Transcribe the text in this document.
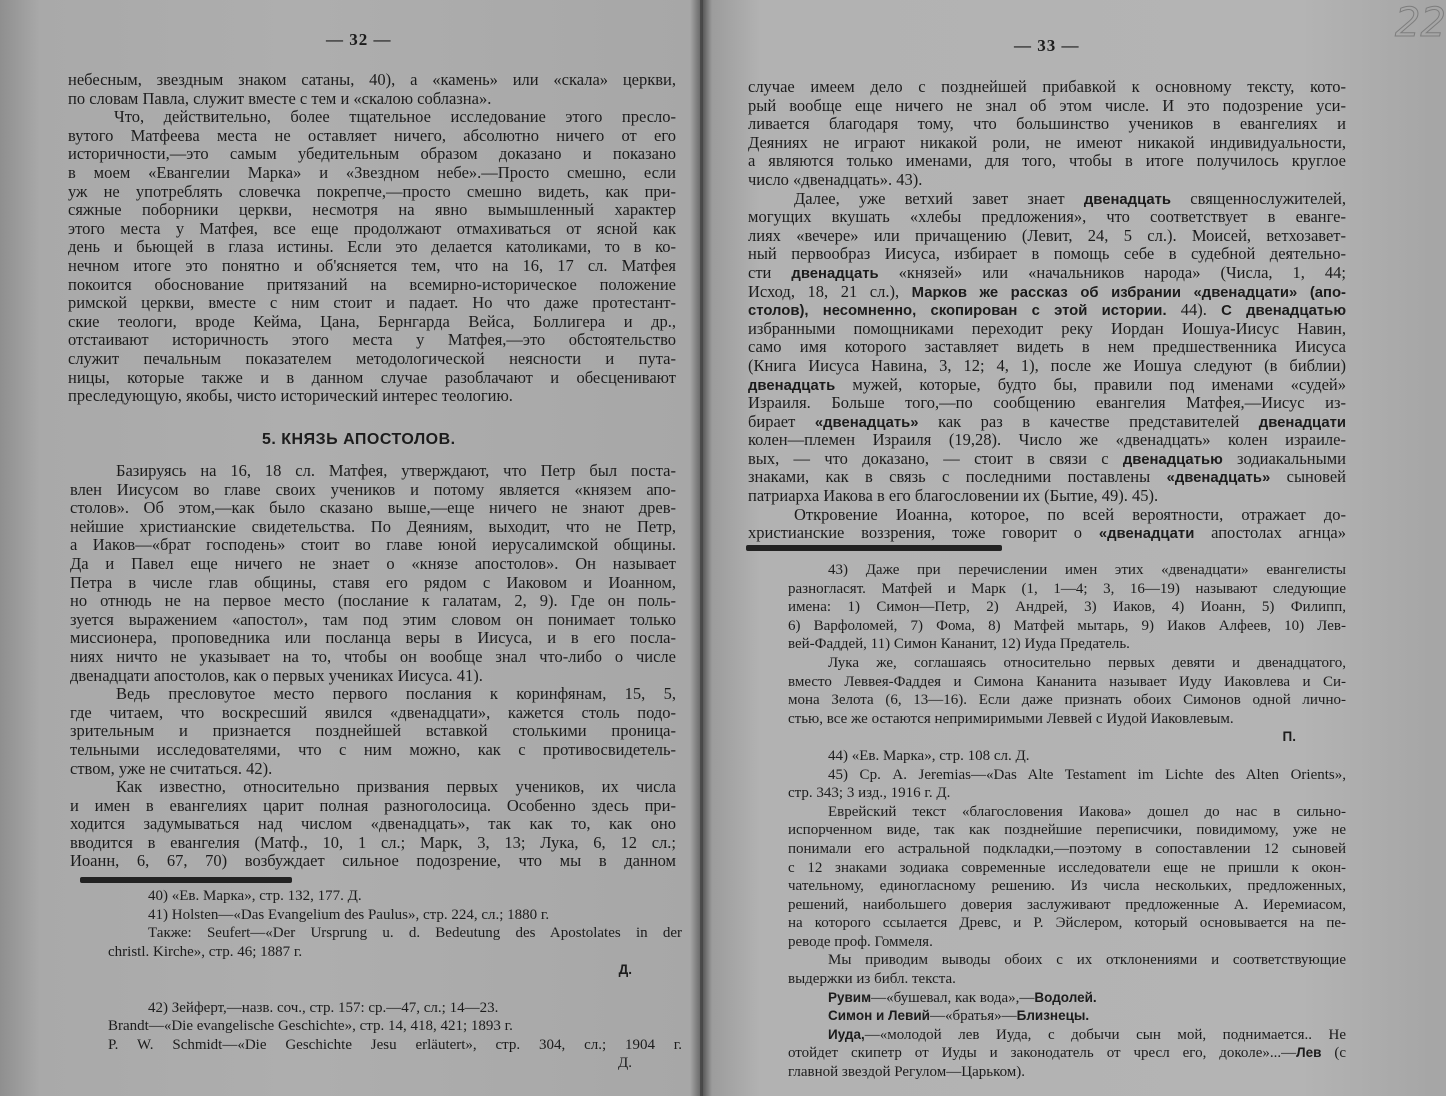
22
— 32 —
небесным, звездным знаком сатаны, 40), а «камень» или «скала» церкви,
по словам Павла, служит вместе с тем и «скалою соблазна».
Что, действительно, более тщательное исследование этого пресло-
вутого Матфеева места не оставляет ничего, абсолютно ничего от его
историчности,—это самым убедительным образом доказано и показано
в моем «Евангелии Марка» и «Звездном небе».—Просто смешно, если
уж не употреблять словечка покрепче,—просто смешно видеть, как при-
сяжные поборники церкви, несмотря на явно вымышленный характер
этого места у Матфея, все еще продолжают отмахиваться от ясной как
день и бьющей в глаза истины. Если это делается католиками, то в ко-
нечном итоге это понятно и об'ясняется тем, что на 16, 17 сл. Матфея
покоится обоснование притязаний на всемирно-историческое положение
римской церкви, вместе с ним стоит и падает. Но что даже протестант-
ские теологи, вроде Кейма, Цана, Бернгарда Вейса, Боллигера и др.,
отстаивают историчность этого места у Матфея,—это обстоятельство
служит печальным показателем методологической неясности и пута-
ницы, которые также и в данном случае разоблачают и обесценивают
преследующую, якобы, чисто исторический интерес теологию.
5. КНЯЗЬ АПОСТОЛОВ.
Базируясь на 16, 18 сл. Матфея, утверждают, что Петр был поста-
влен Иисусом во главе своих учеников и потому является «князем апо-
столов». Об этом,—как было сказано выше,—еще ничего не знают древ-
нейшие христианские свидетельства. По Деяниям, выходит, что не Петр,
а Иаков—«брат господень» стоит во главе юной иерусалимской общины.
Да и Павел еще ничего не знает о «князе апостолов». Он называет
Петра в числе глав общины, ставя его рядом с Иаковом и Иоанном,
но отнюдь не на первое место (послание к галатам, 2, 9). Где он поль-
зуется выражением «апостол», там под этим словом он понимает только
миссионера, проповедника или посланца веры в Иисуса, и в его посла-
ниях ничто не указывает на то, чтобы он вообще знал что-либо о числе
двенадцати апостолов, как о первых учениках Иисуса. 41).
Ведь пресловутое место первого послания к коринфянам, 15, 5,
где читаем, что воскресший явился «двенадцати», кажется столь подо-
зрительным и признается позднейшей вставкой столькими проница-
тельными исследователями, что с ним можно, как с противосвидетель-
ством, уже не считаться. 42).
Как известно, относительно призвания первых учеников, их числа
и имен в евангелиях царит полная разноголосица. Особенно здесь при-
ходится задумываться над числом «двенадцать», так как то, как оно
вводится в евангелия (Матф., 10, 1 сл.; Марк, 3, 13; Лука, 6, 12 сл.;
Иоанн, 6, 67, 70) возбуждает сильное подозрение, что мы в данном
40) «Ев. Марка», стр. 132, 177. Д.
41) Holsten—«Das Evangelium des Paulus», стр. 224, сл.; 1880 г.
Также: Seufert—«Der Ursprung u. d. Bedeutung des Apostolates in der
christl. Kirche», стр. 46; 1887 г.
Д.

42) Зейферт,—назв. соч., стр. 157: ср.—47, сл.; 14—23.
Brandt—«Die evangelische Geschichte», стр. 14, 418, 421; 1893 г.
P. W. Schmidt—«Die Geschichte Jesu erläutert», стр. 304, сл.; 1904 г.
Д.
— 33 —
случае имеем дело с позднейшей прибавкой к основному тексту, кото-
рый вообще еще ничего не знал об этом числе. И это подозрение уси-
ливается благодаря тому, что большинство учеников в евангелиях и
Деяниях не играют никакой роли, не имеют никакой индивидуальности,
а являются только именами, для того, чтобы в итоге получилось круглое
число «двенадцать». 43).
Далее, уже ветхий завет знает двенадцать священнослужителей,
могущих вкушать «хлебы предложения», что соответствует в еванге-
лиях «вечере» или причащению (Левит, 24, 5 сл.). Моисей, ветхозавет-
ный первообраз Иисуса, избирает в помощь себе в судебной деятельно-
сти двенадцать «князей» или «начальников народа» (Числа, 1, 44;
Исход, 18, 21 сл.), Марков же рассказ об избрании «двенадцати» (апо-
столов), несомненно, скопирован с этой истории. 44). С двенадцатью
избранными помощниками переходит реку Иордан Иошуа-Иисус Навин,
само имя которого заставляет видеть в нем предшественника Иисуса
(Книга Иисуса Навина, 3, 12; 4, 1), после же Иошуа следуют (в библии)
двенадцать мужей, которые, будто бы, правили под именами «судей»
Израиля. Больше того,—по сообщению евангелия Матфея,—Иисус из-
бирает «двенадцать» как раз в качестве представителей двенадцати
колен—племен Израиля (19,28). Число же «двенадцать» колен израиле-
вых, — что доказано, — стоит в связи с двенадцатью зодиакальными
знаками, как в связь с последними поставлены «двенадцать» сыновей
патриарха Иакова в его благословении их (Бытие, 49). 45).
Откровение Иоанна, которое, по всей вероятности, отражает до-
христианские воззрения, тоже говорит о «двенадцати апостолах агнца»
43) Даже при перечислении имен этих «двенадцати» евангелисты
разногласят. Матфей и Марк (1, 1—4; 3, 16—19) называют следующие
имена: 1) Симон—Петр, 2) Андрей, 3) Иаков, 4) Иоанн, 5) Филипп,
6) Варфоломей, 7) Фома, 8) Матфей мытарь, 9) Иаков Алфеев, 10) Лев-
вей-Фаддей, 11) Симон Кананит, 12) Иуда Предатель.
Лука же, соглашаясь относительно первых девяти и двенадцатого,
вместо Леввея-Фаддея и Симона Кананита называет Иуду Иаковлева и Си-
мона Зелота (6, 13—16). Если даже признать обоих Симонов одной лично-
стью, все же остаются непримиримыми Леввей с Иудой Иаковлевым.
П.
44) «Ев. Марка», стр. 108 сл. Д.
45) Ср. A. Jeremias—«Das Alte Testament im Lichte des Alten Orients»,
стр. 343; 3 изд., 1916 г. Д.
Еврейский текст «благословения Иакова» дошел до нас в сильно-
испорченном виде, так как позднейшие переписчики, повидимому, уже не
понимали его астральной подкладки,—поэтому в сопоставлении 12 сыновей
с 12 знаками зодиака современные исследователи еще не пришли к окон-
чательному, единогласному решению. Из числа нескольких, предложенных,
решений, наибольшего доверия заслуживают предложенные А. Иеремиасом,
на которого ссылается Древс, и Р. Эйслером, который основывается на пе-
реводе проф. Гоммеля.
Мы приводим выводы обоих с их отклонениями и соответствующие
выдержки из библ. текста.
Рувим—«бушевал, как вода»,—Водолей.
Симон и Левий—«братья»—Близнецы.
Иуда,—«молодой лев Иуда, с добычи сын мой, поднимается.. Не
отойдет скипетр от Иуды и законодатель от чресл его, доколе»...—Лев (с
главной звездой Регулом—Царьком).
